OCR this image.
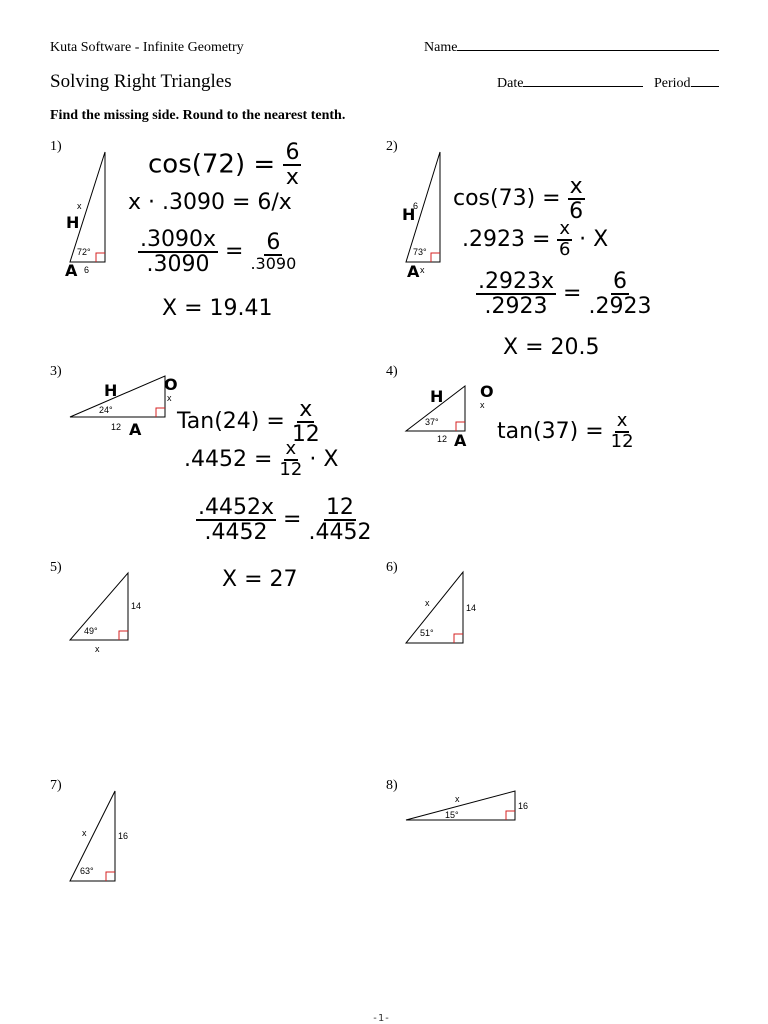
Kuta Software - Infinite Geometry	Name
Solving Right Triangles	Date	Period
Find the missing side. Round to the nearest tenth.
1)	2)
3)	4)
5)	6)
7)	8)
x
72°
6
H
A
6
73°
x
H
A
24°
12
x
H	O
A	37°
12
x
H O
A
49°
14
x
51°
14
x
63°
16
x
15°
16
x
$\cos(72) = \frac{6}{x}$
x · .3090 = 6/x
$\frac{.3090x}{.3090} = \frac{6}{.3090}$
X = 19.41
$\cos(73) = \frac{x}{6}$
$.2923 = \frac{x}{6} \cdot X$
$\frac{.2923x}{.2923} = \frac{6}{.2923}$
X = 20.5
$Tan(24) = \frac{x}{12}$
$.4452 = \frac{x}{12} \cdot X$
$\frac{.4452x}{.4452} = \frac{12}{.4452}$
$\tan(37) = \frac{x}{12}$
X = 27
-1-
